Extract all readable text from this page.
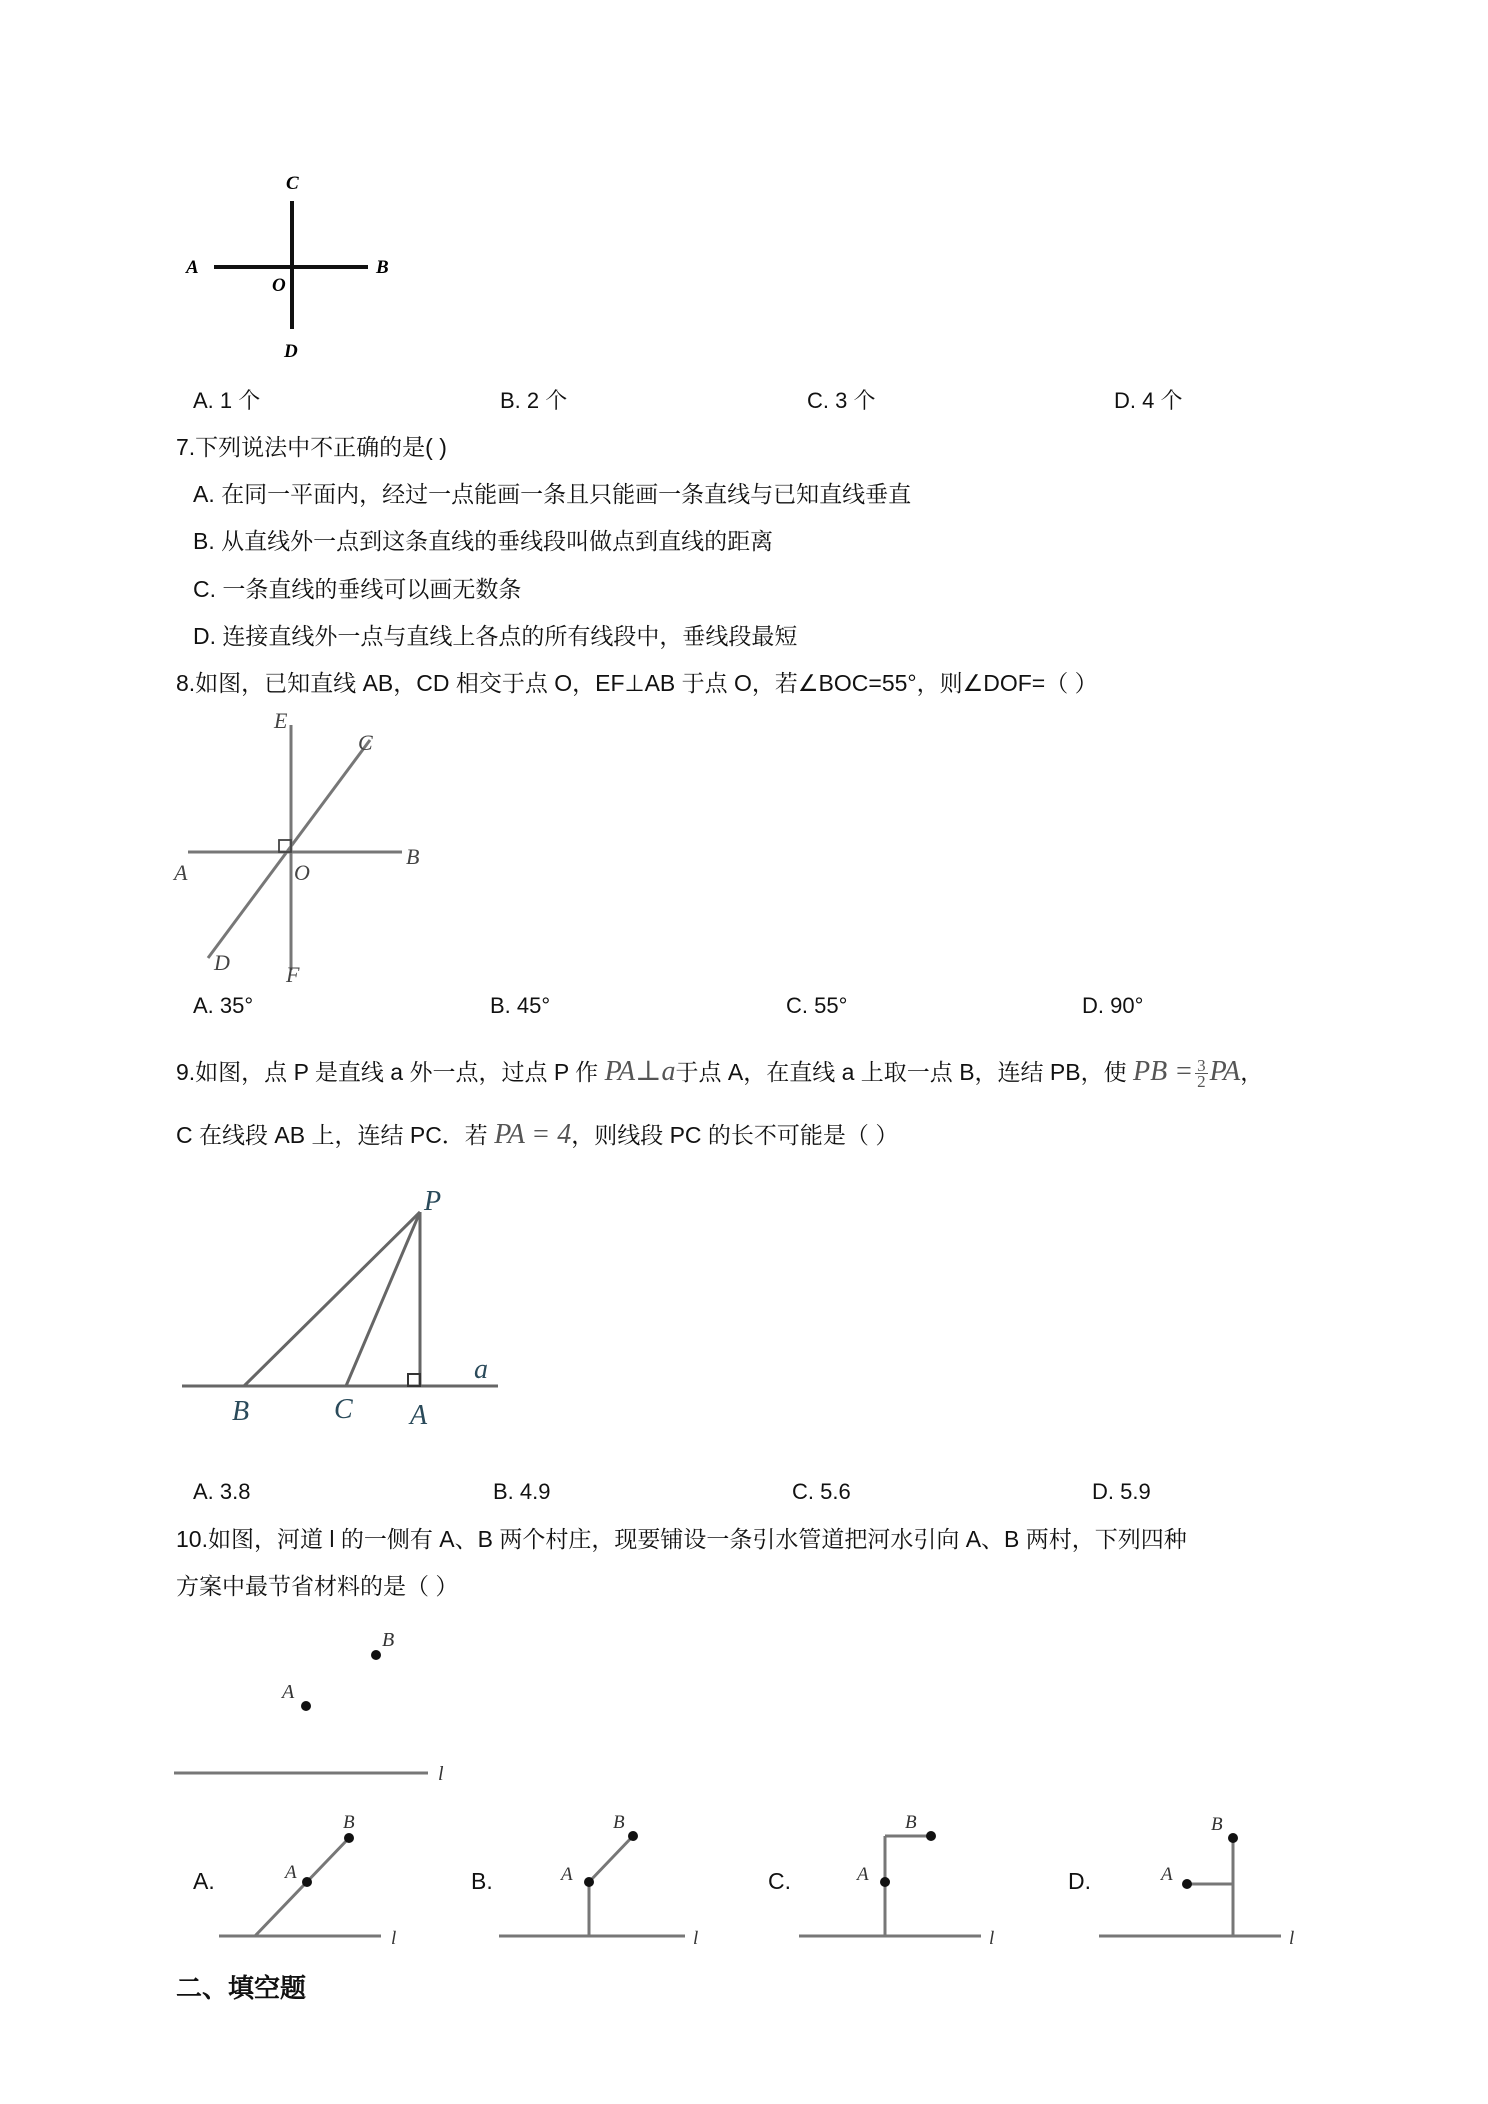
C
A
O
B
D
A. 1 个	B. 2 个	C. 3 个	D. 4 个
7.下列说法中不正确的是( )
A. 在同一平面内，经过一点能画一条且只能画一条直线与已知直线垂直
B. 从直线外一点到这条直线的垂线段叫做点到直线的距离
C. 一条直线的垂线可以画无数条
D. 连接直线外一点与直线上各点的所有线段中，垂线段最短
8.如图，已知直线 AB，CD 相交于点 O，EF⊥AB 于点 O，若∠BOC=55°，则∠DOF=（ ）
E
C
A	O
B
D	F
A. 35°	B. 45°	C. 55°	D. 90°
9.如图，点 P 是直线 a 外一点，过点 P 作 PA⊥a于点 A，在直线 a 上取一点 B，连结 PB，使 PB = $\frac{3}{2}$ PA，
C 在线段 AB 上，连结 PC．若 PA = 4，则线段 PC 的长不可能是（ ）
P
a
B	C A
A. 3.8	B. 4.9	C. 5.6	D. 5.9
10.如图，河道 l 的一侧有 A、B 两个村庄，现要铺设一条引水管道把河水引向 A、B 两村，下列四种
方案中最节省材料的是（ ）
B
A
l
A.
B
A
l
B.
B
A
l
C.
B
A
l
D.
B
A
l
二、填空题
